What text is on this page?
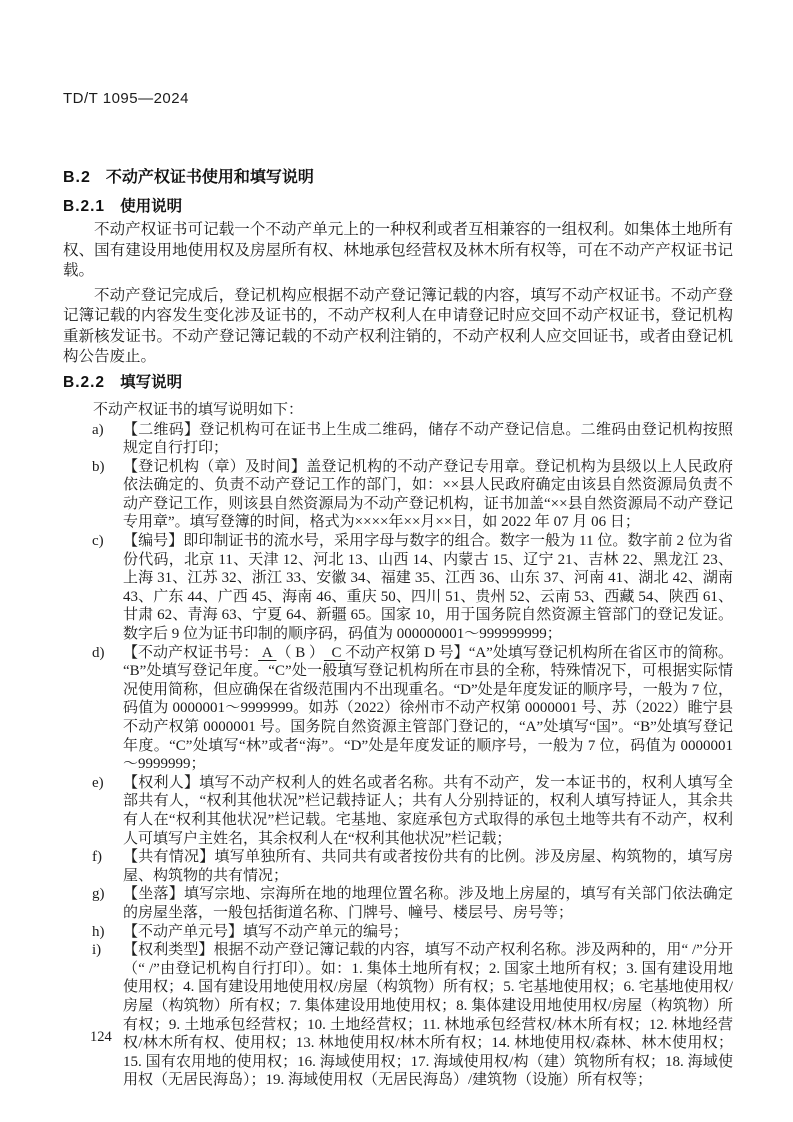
TD/T 1095—2024
B.2 不动产权证书使用和填写说明
B.2.1 使用说明

不动产权证书可记载一个不动产单元上的一种权利或者互相兼容的一组权利。如集体土地所有权、国有建设用地使用权及房屋所有权、林地承包经营权及林木所有权等，可在不动产产权证书记载。

不动产登记完成后，登记机构应根据不动产登记簿记载的内容，填写不动产权证书。不动产登记簿记载的内容发生变化涉及证书的，不动产权利人在申请登记时应交回不动产权证书，登记机构重新核发证书。不动产登记簿记载的不动产权利注销的，不动产权利人应交回证书，或者由登记机构公告废止。

B.2.2 填写说明

不动产权证书的填写说明如下：

a) 【二维码】登记机构可在证书上生成二维码，储存不动产登记信息。二维码由登记机构按照规定自行打印；
b) 【登记机构（章）及时间】盖登记机构的不动产登记专用章。登记机构为县级以上人民政府依法确定的、负责不动产登记工作的部门，如：××县人民政府确定由该县自然资源局负责不动产登记工作，则该县自然资源局为不动产登记机构，证书加盖“××县自然资源局不动产登记专用章”。填写登簿的时间，格式为××××年××月××日，如 2022 年 07 月 06 日；
c) 【编号】即印制证书的流水号，采用字母与数字的组合。数字一般为 11 位。数字前 2 位为省份代码，北京 11、天津 12、河北 13、山西 14、内蒙古 15、辽宁 21、吉林 22、黑龙江 23、上海 31、江苏 32、浙江 33、安徽 34、福建 35、江西 36、山东 37、河南 41、湖北 42、湖南 43、广东 44、广西 45、海南 46、重庆 50、四川 51、贵州 52、云南 53、西藏 54、陕西 61、甘肃 62、青海 63、宁夏 64、新疆 65。国家 10，用于国务院自然资源主管部门的登记发证。数字后 9 位为证书印制的顺序码，码值为 000000001～999999999；
d) 【不动产权证书号： A （ B ）  C 不动产权第 D 号】“A”处填写登记机构所在省区市的简称。“B”处填写登记年度。“C”处一般填写登记机构所在市县的全称，特殊情况下，可根据实际情况使用简称，但应确保在省级范围内不出现重名。“D”处是年度发证的顺序号，一般为 7 位，码值为 0000001～9999999。如苏（2022）徐州市不动产权第 0000001 号、苏（2022）睢宁县不动产权第 0000001 号。国务院自然资源主管部门登记的，“A”处填写“国”。“B”处填写登记年度。“C”处填写“林”或者“海”。“D”处是年度发证的顺序号，一般为 7 位，码值为 0000001～9999999；
e) 【权利人】填写不动产权利人的姓名或者名称。共有不动产，发一本证书的，权利人填写全部共有人，“权利其他状况”栏记载持证人；共有人分别持证的，权利人填写持证人，其余共有人在“权利其他状况”栏记载。宅基地、家庭承包方式取得的承包土地等共有不动产，权利人可填写户主姓名，其余权利人在“权利其他状况”栏记载；
f) 【共有情况】填写单独所有、共同共有或者按份共有的比例。涉及房屋、构筑物的，填写房屋、构筑物的共有情况；
g) 【坐落】填写宗地、宗海所在地的地理位置名称。涉及地上房屋的，填写有关部门依法确定的房屋坐落，一般包括街道名称、门牌号、幢号、楼层号、房号等；
h) 【不动产单元号】填写不动产单元的编号；
i) 【权利类型】根据不动产登记簿记载的内容，填写不动产权利名称。涉及两种的，用“ /”分开（“ /”由登记机构自行打印）。如：1. 集体土地所有权；2. 国家土地所有权；3. 国有建设用地使用权；4. 国有建设用地使用权/房屋（构筑物）所有权；5. 宅基地使用权；6. 宅基地使用权/房屋（构筑物）所有权；7. 集体建设用地使用权；8. 集体建设用地使用权/房屋（构筑物）所有权；9. 土地承包经营权；10. 土地经营权；11. 林地承包经营权/林木所有权；12. 林地经营权/林木所有权、使用权；13. 林地使用权/林木所有权；14. 林地使用权/森林、林木使用权；15. 国有农用地的使用权；16. 海域使用权；17. 海域使用权/构（建）筑物所有权；18. 海域使用权（无居民海岛）；19. 海域使用权（无居民海岛）/建筑物（设施）所有权等；
124
